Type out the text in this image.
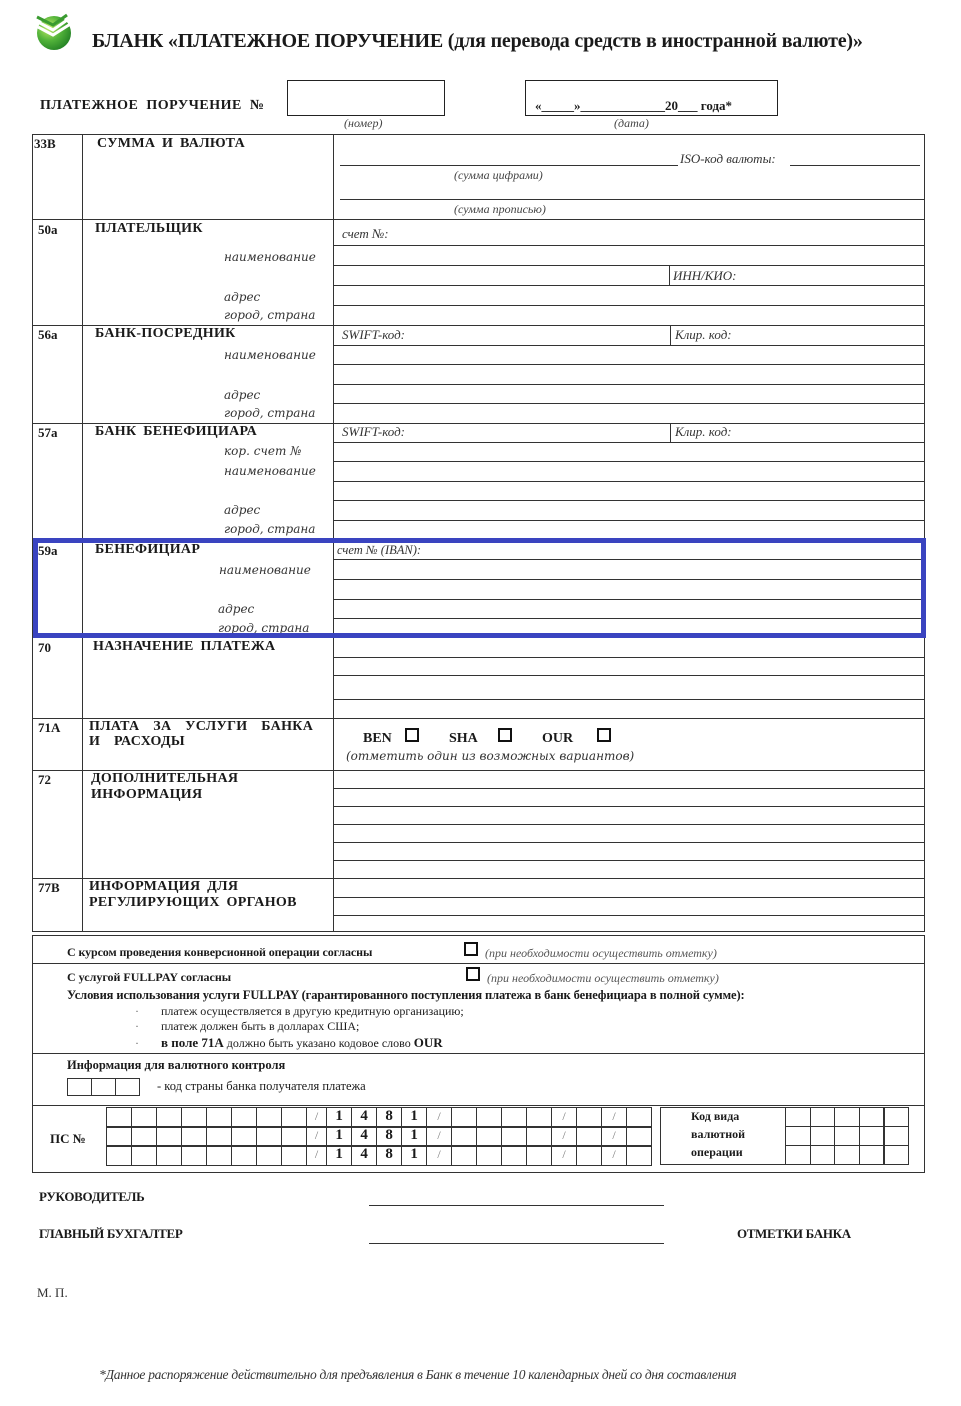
БЛАНК «ПЛАТЕЖНОЕ ПОРУЧЕНИЕ (для перевода средств в иностранной валюте)»
ПЛАТЕЖНОЕ ПОРУЧЕНИЕ №
(номер)
«_____»_____________20___ года*
(дата)
33В	СУММА И ВАЛЮТА
ISO-код валюты:
(сумма цифрами)
(сумма прописью)
50а	ПЛАТЕЛЬЩИК
наименование
адрес
город, страна
счет №:
ИНН/КИО:
56а	БАНК-ПОСРЕДНИК
наименование
адрес
город, страна
SWIFT-код:	Клир. код:
57а	БАНК БЕНЕФИЦИАРА
кор. счет №
наименование
адрес
город, страна
SWIFT-код:	Клир. код:
59а	БЕНЕФИЦИАР
наименование
адрес
город, страна
счет № (IBAN):
70	НАЗНАЧЕНИЕ ПЛАТЕЖА
71А ПЛАТА ЗА УСЛУГИ БАНКА
И РАСХОДЫ	BEN	SHA	OUR
(отметить один из возможных вариантов)
72	ДОПОЛНИТЕЛЬНАЯ
ИНФОРМАЦИЯ
77В ИНФОРМАЦИЯ ДЛЯ
РЕГУЛИРУЮЩИХ ОРГАНОВ
С курсом проведения конверсионной операции согласны	(при необходимости осуществить отметку)
С услугой FULLPAY согласны	(при необходимости осуществить отметку)
Условия использования услуги FULLPAY (гарантированного поступления платежа в банк бенефициара в полной сумме):
· платеж осуществляется в другую кредитную организацию;
· платеж должен быть в долларах США;
· в поле 71А должно быть указано кодовое слово OUR
Информация для валютного контроля
- код страны банка получателя платежа
ПС №
/	1	4	8	1	/	/	/
/	1	4	8	1	/	/	/
/	1	4	8	1	/	/	/
Код вида
валютной
операции
РУКОВОДИТЕЛЬ
ГЛАВНЫЙ БУХГАЛТЕР	ОТМЕТКИ БАНКА
М. П.
*Данное распоряжение действительно для предъявления в Банк в течение 10 календарных дней со дня составления
